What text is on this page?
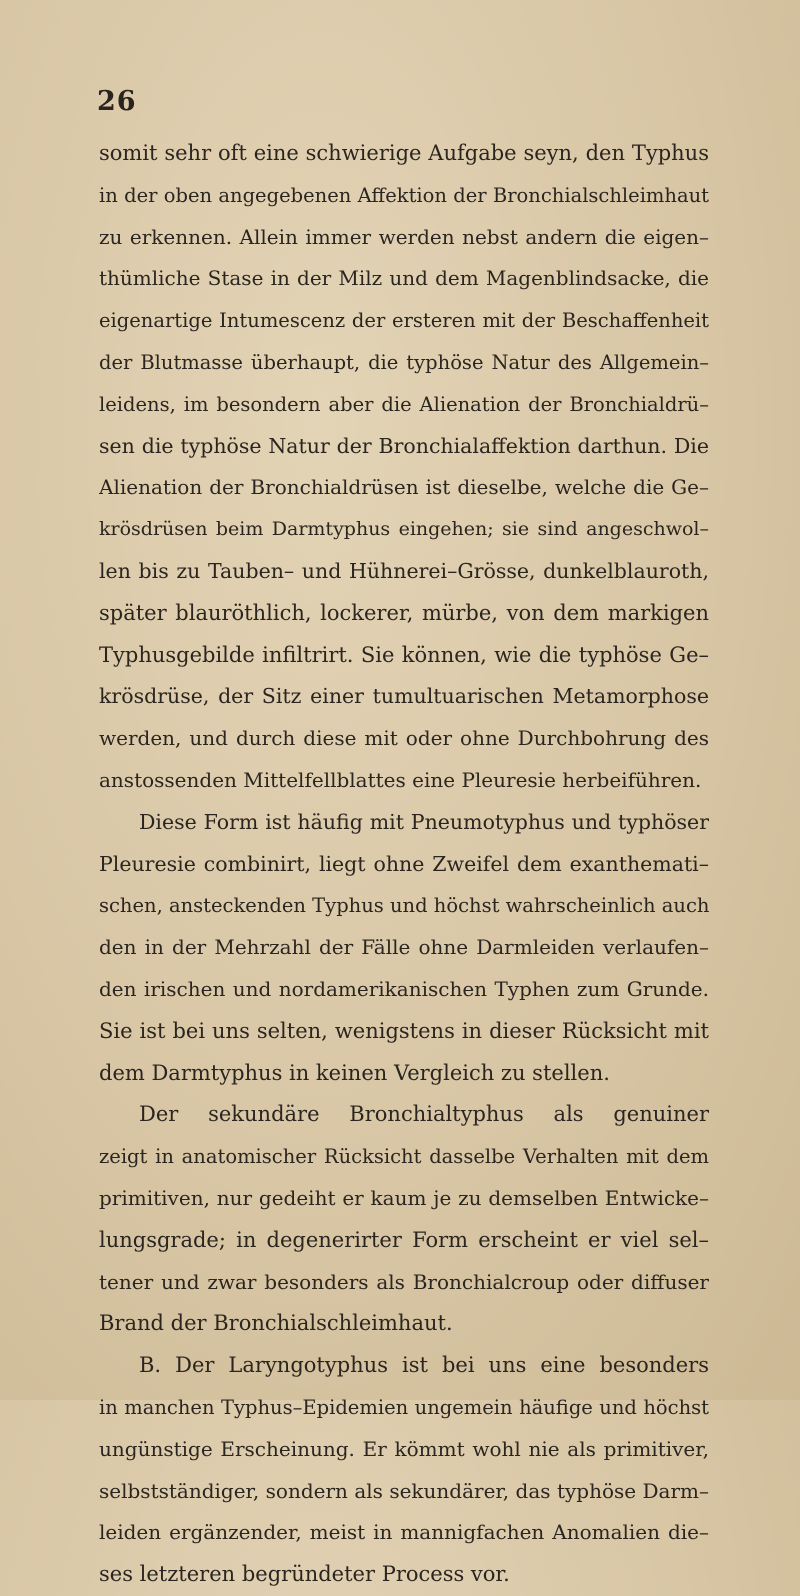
26
somit sehr oft eine schwierige Aufgabe seyn, den Typhus
in der oben angegebenen Affektion der Bronchialschleimhaut
zu erkennen. Allein immer werden nebst andern die eigen–
thümliche Stase in der Milz und dem Magenblindsacke, die
eigenartige Intumescenz der ersteren mit der Beschaffenheit
der Blutmasse überhaupt, die typhöse Natur des Allgemein–
leidens, im besondern aber die Alienation der Bronchialdrü–
sen die typhöse Natur der Bronchialaffektion darthun. Die
Alienation der Bronchialdrüsen ist dieselbe, welche die Ge–
krösdrüsen beim Darmtyphus eingehen; sie sind angeschwol–
len bis zu Tauben– und Hühnerei–Grösse, dunkelblauroth,
später blauröthlich, lockerer, mürbe, von dem markigen
Typhusgebilde infiltrirt. Sie können, wie die typhöse Ge–
krösdrüse, der Sitz einer tumultuarischen Metamorphose
werden, und durch diese mit oder ohne Durchbohrung des
anstossenden Mittelfellblattes eine Pleuresie herbeiführen.
Diese Form ist häufig mit Pneumotyphus und typhöser
Pleuresie combinirt, liegt ohne Zweifel dem exanthemati–
schen, ansteckenden Typhus und höchst wahrscheinlich auch
den in der Mehrzahl der Fälle ohne Darmleiden verlaufen–
den irischen und nordamerikanischen Typhen zum Grunde.
Sie ist bei uns selten, wenigstens in dieser Rücksicht mit
dem Darmtyphus in keinen Vergleich zu stellen.
Der sekundäre Bronchialtyphus als genuiner
zeigt in anatomischer Rücksicht dasselbe Verhalten mit dem
primitiven, nur gedeiht er kaum je zu demselben Entwicke–
lungsgrade; in degenerirter Form erscheint er viel sel–
tener und zwar besonders als Bronchialcroup oder diffuser
Brand der Bronchialschleimhaut.
B. Der Laryngotyphus ist bei uns eine besonders
in manchen Typhus–Epidemien ungemein häufige und höchst
ungünstige Erscheinung. Er kömmt wohl nie als primitiver,
selbstständiger, sondern als sekundärer, das typhöse Darm–
leiden ergänzender, meist in mannigfachen Anomalien die–
ses letzteren begründeter Process vor.
